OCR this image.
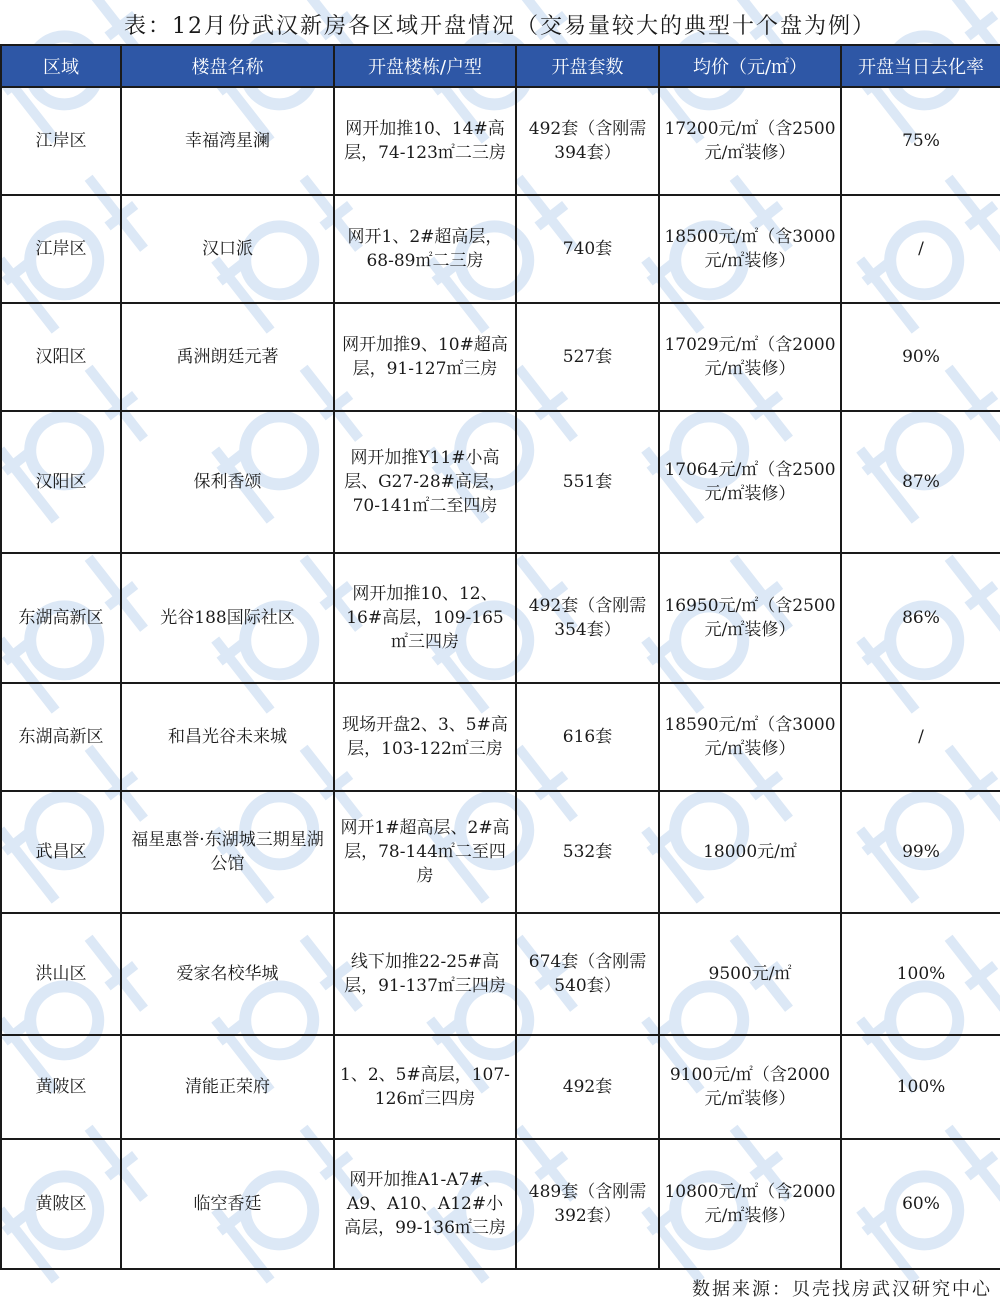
表：12月份武汉新房各区域开盘情况（交易量较大的典型十个盘为例）
区域	楼盘名称	开盘楼栋/户型	开盘套数	均价（元/㎡）	开盘当日去化率

江岸区	幸福湾星澜	网开加推10、14#高层，74-123㎡二三房	492套（含刚需394套）	17200元/㎡（含2500元/㎡装修）	75%

江岸区	汉口派	网开1、2#超高层，68-89㎡二三房	740套	18500元/㎡（含3000元/㎡装修）	/

汉阳区	禹洲朗廷元著	网开加推9、10#超高层，91-127㎡三房	527套	17029元/㎡（含2000元/㎡装修）	90%

汉阳区	保利香颂	网开加推Y11#小高层、G27-28#高层，70-141㎡二至四房	551套	17064元/㎡（含2500元/㎡装修）	87%

东湖高新区	光谷188国际社区	网开加推10、12、16#高层，109-165㎡三四房	492套（含刚需354套）	16950元/㎡（含2500元/㎡装修）	86%

东湖高新区	和昌光谷未来城	现场开盘2、3、5#高层，103-122㎡三房	616套	18590元/㎡（含3000元/㎡装修）	/

武昌区	福星惠誉·东湖城三期星湖公馆	网开1#超高层、2#高层，78-144㎡二至四房	532套	18000元/㎡	99%

洪山区	爱家名校华城	线下加推22-25#高层，91-137㎡三四房	674套（含刚需540套）	9500元/㎡	100%

黄陂区	清能正荣府	1、2、5#高层，107-126㎡三四房	492套	9100元/㎡（含2000元/㎡装修）	100%

黄陂区	临空香廷	网开加推A1-A7#、A9、A10、A12#小高层，99-136㎡三房	489套（含刚需392套）	10800元/㎡（含2000元/㎡装修）	60%
数据来源：贝壳找房武汉研究中心
